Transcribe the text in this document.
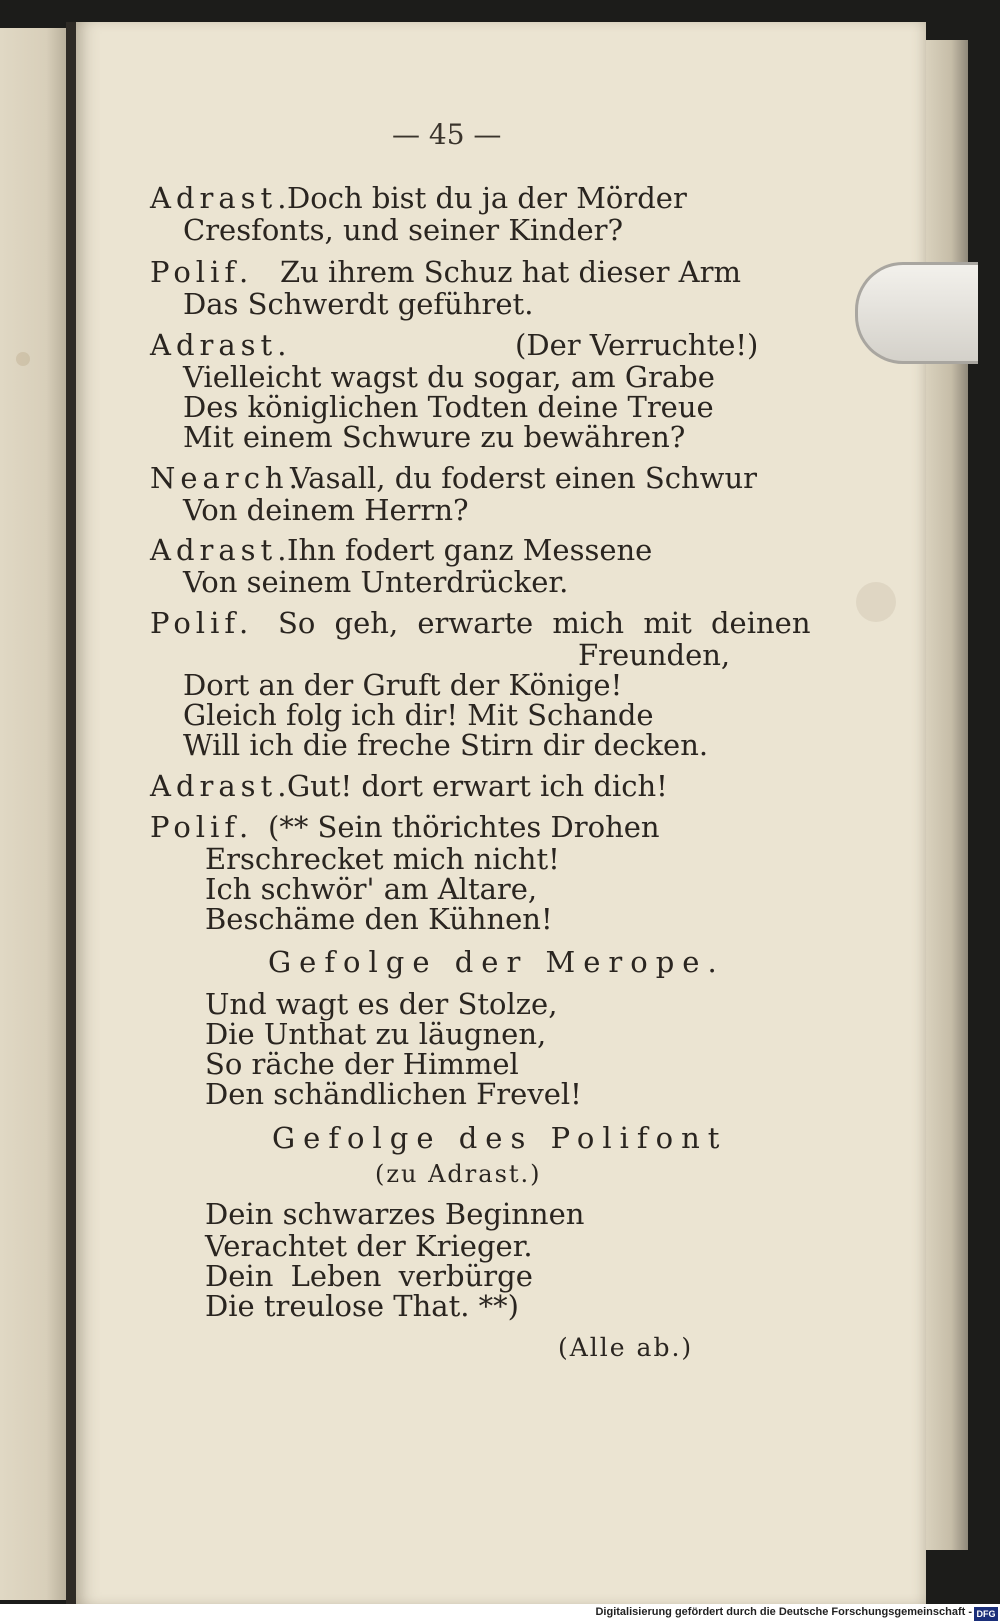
— 45 —
Adrast.
Doch bist du ja der Mörder
Cresfonts, und seiner Kinder?
Polif. Zu ihrem Schuz hat dieser Arm
Das Schwerdt geführet.
Adrast.	(Der Verruchte!)
Vielleicht wagst du sogar, am Grabe
Des königlichen Todten deine Treue
Mit einem Schwure zu bewähren?
Nearch.
Vasall, du foderst einen Schwur
Von deinem Herrn?
Adrast.
Ihn fodert ganz Messene
Von seinem Unterdrücker.
Polif. So geh, erwarte mich mit deinen
Freunden,
Dort an der Gruft der Könige!
Gleich folg ich dir! Mit Schande
Will ich die freche Stirn dir decken.
Adrast.
Gut! dort erwart ich dich!
Polif. (** Sein thörichtes Drohen
Erschrecket mich nicht!
Ich schwör' am Altare,
Beschäme den Kühnen!
Gefolge der Merope.
Und wagt es der Stolze,
Die Unthat zu läugnen,
So räche der Himmel
Den schändlichen Frevel!
Gefolge des Polifont
(zu Adrast.)
Dein schwarzes Beginnen
Verachtet der Krieger.
Dein Leben verbürge
Die treulose That. **)
(Alle ab.)
Digitalisierung gefördert durch die Deutsche Forschungsgemeinschaft - DFG
